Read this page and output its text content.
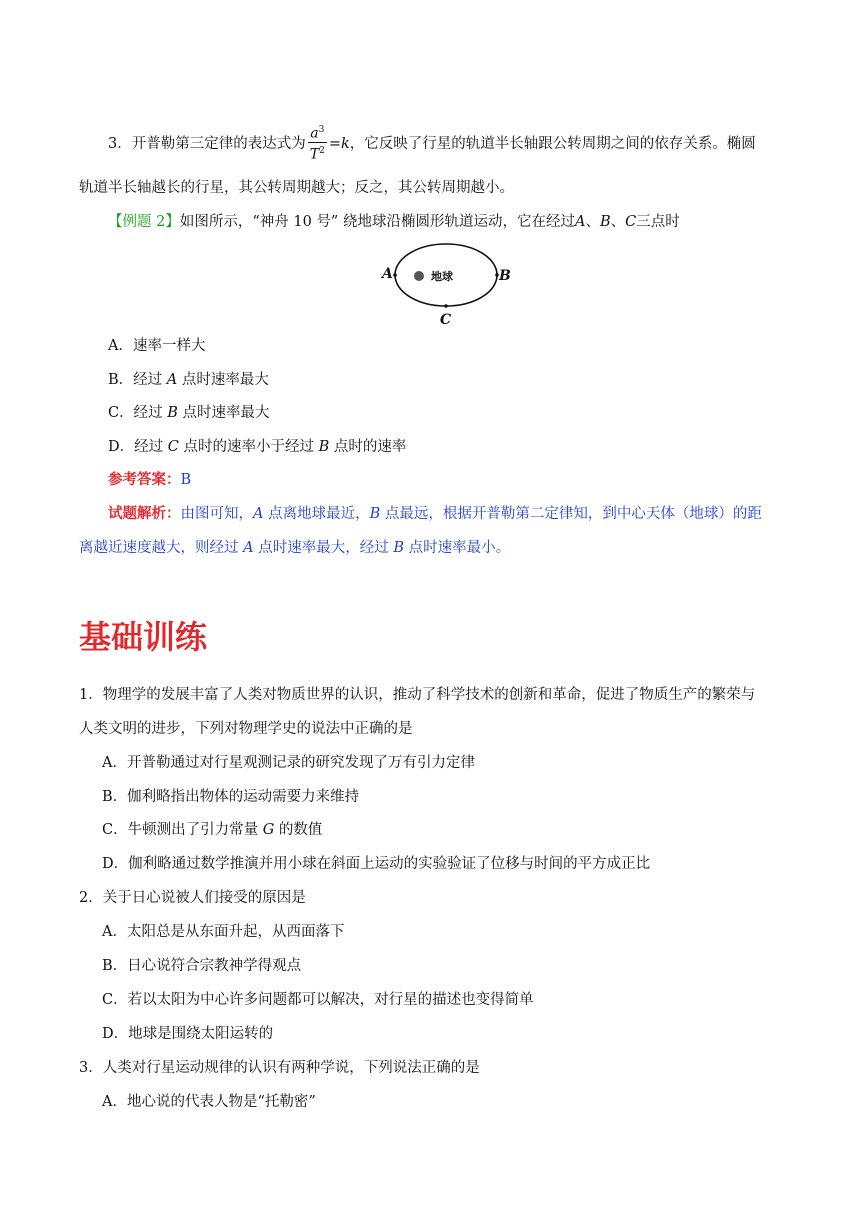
3．开普勒第三定律的表达式为 $\frac{a^3}{T^2} =k$，它反映了行星的轨道半长轴跟公转周期之间的依存关系。椭圆
轨道半长轴越长的行星，其公转周期越大；反之，其公转周期越小。
【例题 2】如图所示，“神舟 10 号” 绕地球沿椭圆形轨道运动，它在经过A、B、C三点时
地球
A	B
C
A．速率一样大
B．经过 A 点时速率最大
C．经过 B 点时速率最大
D．经过 C 点时的速率小于经过 B 点时的速率
参考答案：B
试题解析：由图可知，A 点离地球最近，B 点最远，根据开普勒第二定律知，到中心天体（地球）的距
离越近速度越大，则经过 A 点时速率最大，经过 B 点时速率最小。
基础训练
1．物理学的发展丰富了人类对物质世界的认识，推动了科学技术的创新和革命，促进了物质生产的繁荣与
人类文明的进步，下列对物理学史的说法中正确的是
A．开普勒通过对行星观测记录的研究发现了万有引力定律
B．伽利略指出物体的运动需要力来维持
C．牛顿测出了引力常量 G 的数值
D．伽利略通过数学推演并用小球在斜面上运动的实验验证了位移与时间的平方成正比
2．关于日心说被人们接受的原因是
A．太阳总是从东面升起，从西面落下
B．日心说符合宗教神学得观点
C．若以太阳为中心许多问题都可以解决，对行星的描述也变得简单
D．地球是围绕太阳运转的
3．人类对行星运动规律的认识有两种学说，下列说法正确的是
A．地心说的代表人物是“托勒密”
